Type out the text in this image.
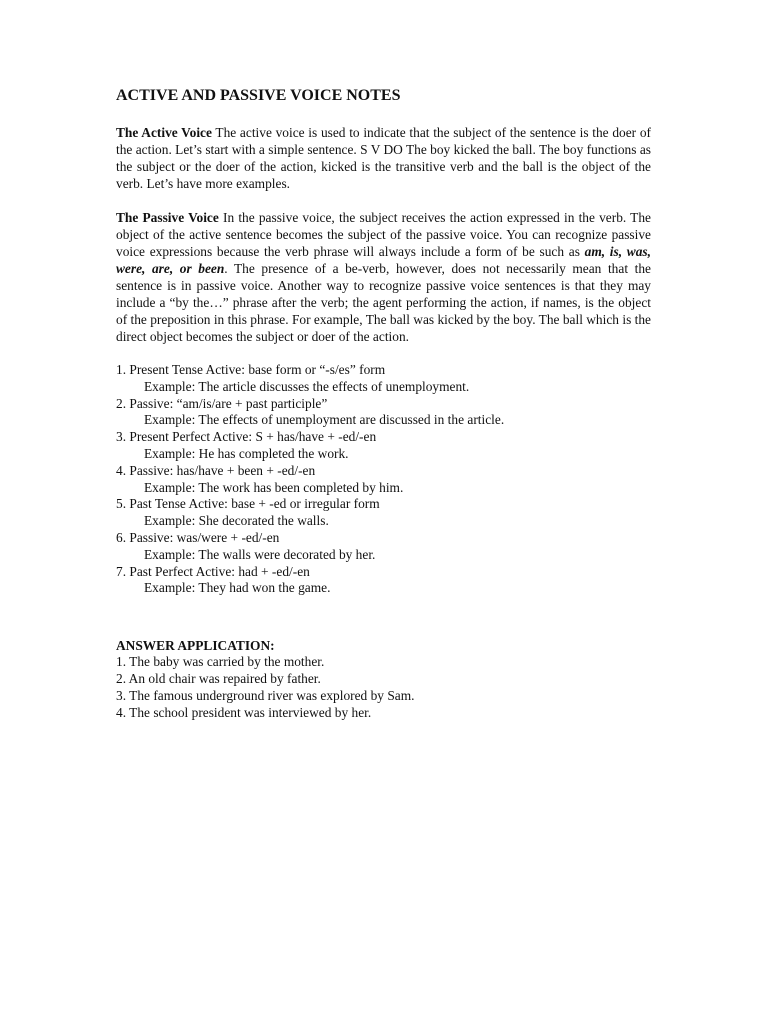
ACTIVE AND PASSIVE VOICE NOTES

The Active Voice The active voice is used to indicate that the subject of the sentence is the doer of the action. Let’s start with a simple sentence. S V DO The boy kicked the ball. The boy functions as the subject or the doer of the action, kicked is the transitive verb and the ball is the object of the verb. Let’s have more examples.

The Passive Voice In the passive voice, the subject receives the action expressed in the verb. The object of the active sentence becomes the subject of the passive voice. You can recognize passive voice expressions because the verb phrase will always include a form of be such as am, is, was, were, are, or been. The presence of a be-verb, however, does not necessarily mean that the sentence is in passive voice. Another way to recognize passive voice sentences is that they may include a “by the…” phrase after the verb; the agent performing the action, if names, is the object of the preposition in this phrase. For example, The ball was kicked by the boy. The ball which is the direct object becomes the subject or doer of the action.

1. Present Tense Active: base form or “-s/es” form
Example: The article discusses the effects of unemployment.
2. Passive: “am/is/are + past participle”
Example: The effects of unemployment are discussed in the article.
3. Present Perfect Active: S + has/have + -ed/-en
Example: He has completed the work.
4. Passive: has/have + been + -ed/-en
Example: The work has been completed by him.
5. Past Tense Active: base + -ed or irregular form
Example: She decorated the walls.
6. Passive: was/were + -ed/-en
Example: The walls were decorated by her.
7. Past Perfect Active: had + -ed/-en
Example: They had won the game.
ANSWER APPLICATION:
1. The baby was carried by the mother.
2. An old chair was repaired by father.
3. The famous underground river was explored by Sam.
4. The school president was interviewed by her.
